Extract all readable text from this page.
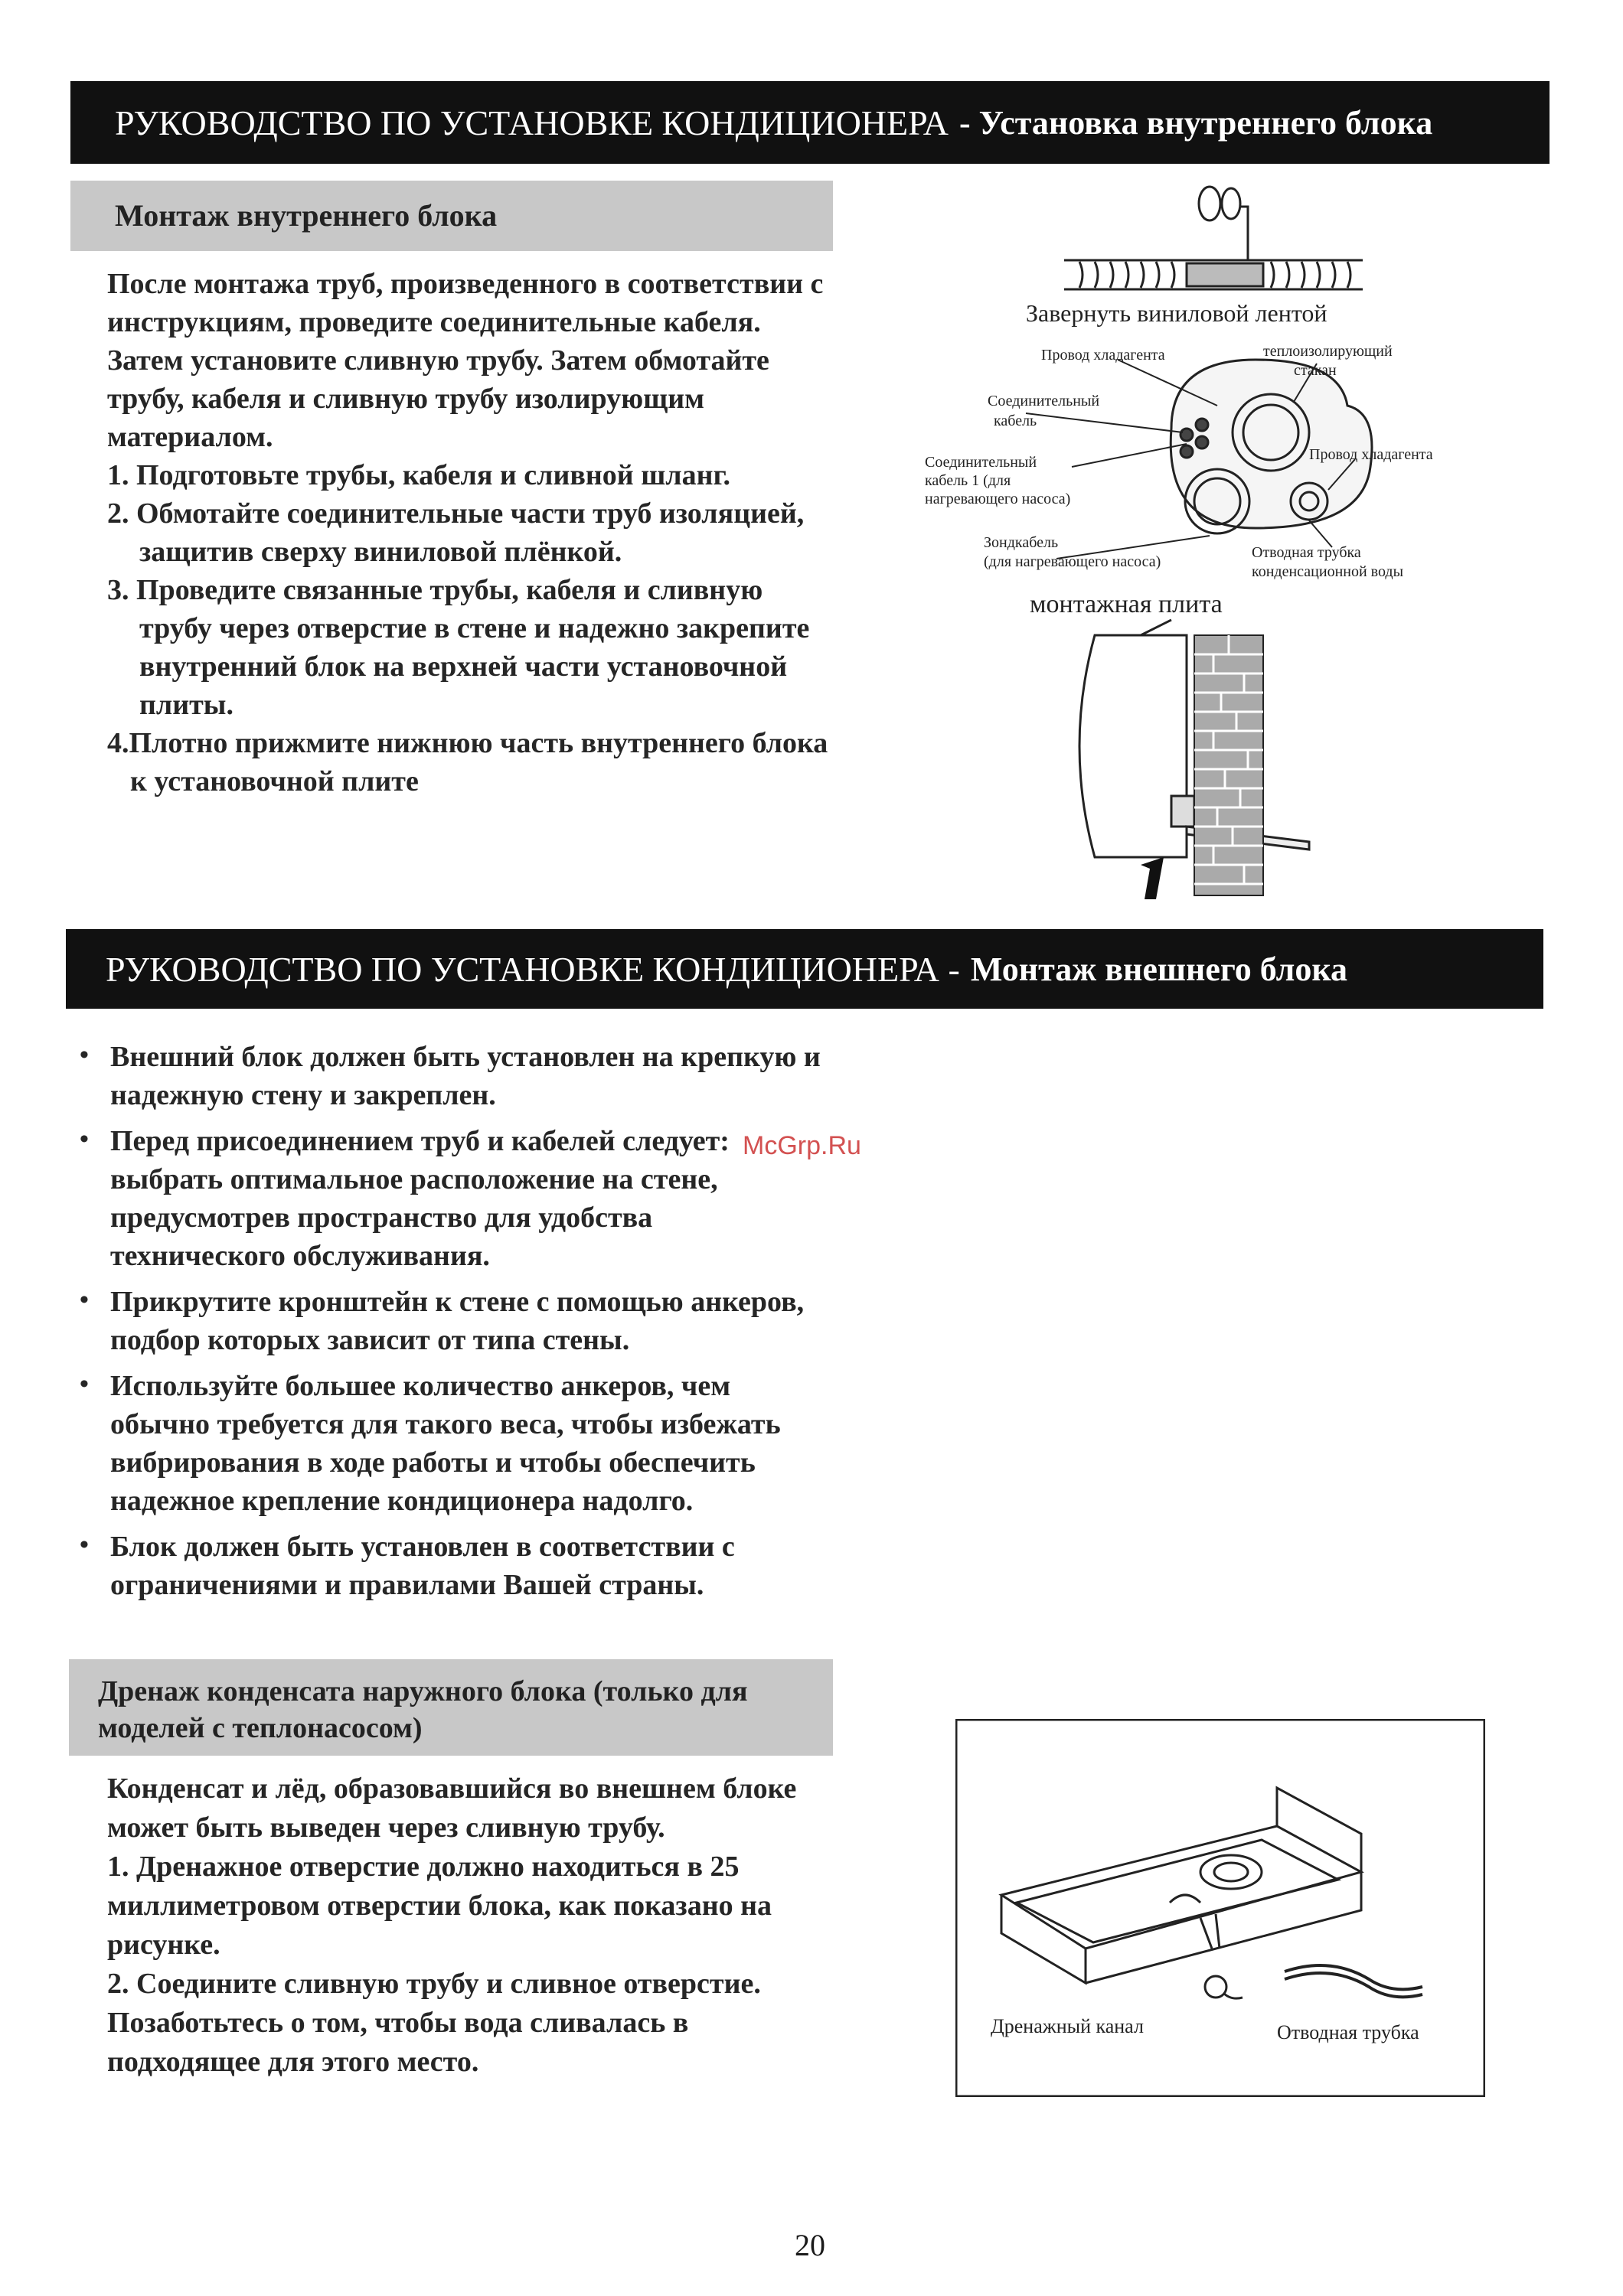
РУКОВОДСТВО ПО УСТАНОВКЕ КОНДИЦИОНЕРА - Установка внутреннего блока
Монтаж внутреннего блока

После монтажа труб, произведенного в соответствии с

инструкциям, проведите соединительные кабеля.

Затем установите сливную трубу. Затем обмотайте

трубу, кабеля и сливную трубу изолирующим

материалом.

1. Подготовьте трубы, кабеля и сливной шланг.

2. Обмотайте соединительные части труб изоляцией,

защитив сверху виниловой плёнкой.

3. Проведите связанные трубы, кабеля и сливную

трубу через отверстие в стене и надежно закрепите

внутренний блок на верхней части установочной

плиты.

4.Плотно прижмите нижнюю часть внутреннего блока

к установочной плите

Завернуть виниловой лентой
Провод хладагента	теплоизолирующий
стакан
Соединительный
кабель
Соединительный
кабель 1 (для
нагревающего насоса)
Провод хладагента
Зондкабель
(для нагревающего насоса)
Отводная трубка
конденсационной воды
монтажная плита
РУКОВОДСТВО ПО УСТАНОВКЕ КОНДИЦИОНЕРА - Монтаж внешнего блока
• Внешний блок должен быть установлен на крепкую и

надежную стену и закреплен.

• Перед присоединением труб и кабелей следует:

выбрать оптимальное расположение на стене,

предусмотрев пространство для удобства

технического обслуживания.

• Прикрутите кронштейн к стене с помощью анкеров,

подбор которых зависит от типа стены.

• Используйте большее количество анкеров, чем

обычно требуется для такого веса, чтобы избежать

вибрирования в ходе работы и чтобы обеспечить

надежное крепление кондиционера надолго.

• Блок должен быть установлен в соответствии с

ограничениями и правилами Вашей страны.

McGrp.Ru
Дренаж конденсата наружного блока (только для
моделей с теплонасосом)

Конденсат и лёд, образовавшийся во внешнем блоке

может быть выведен через сливную трубу.

1. Дренажное отверстие должно находиться в 25

миллиметровом отверстии блока, как показано на

рисунке.

2. Соедините сливную трубу и сливное отверстие.

Позаботьтесь о том, чтобы вода сливалась в

подходящее для этого место.

Дренажный канал	Отводная трубка
20
